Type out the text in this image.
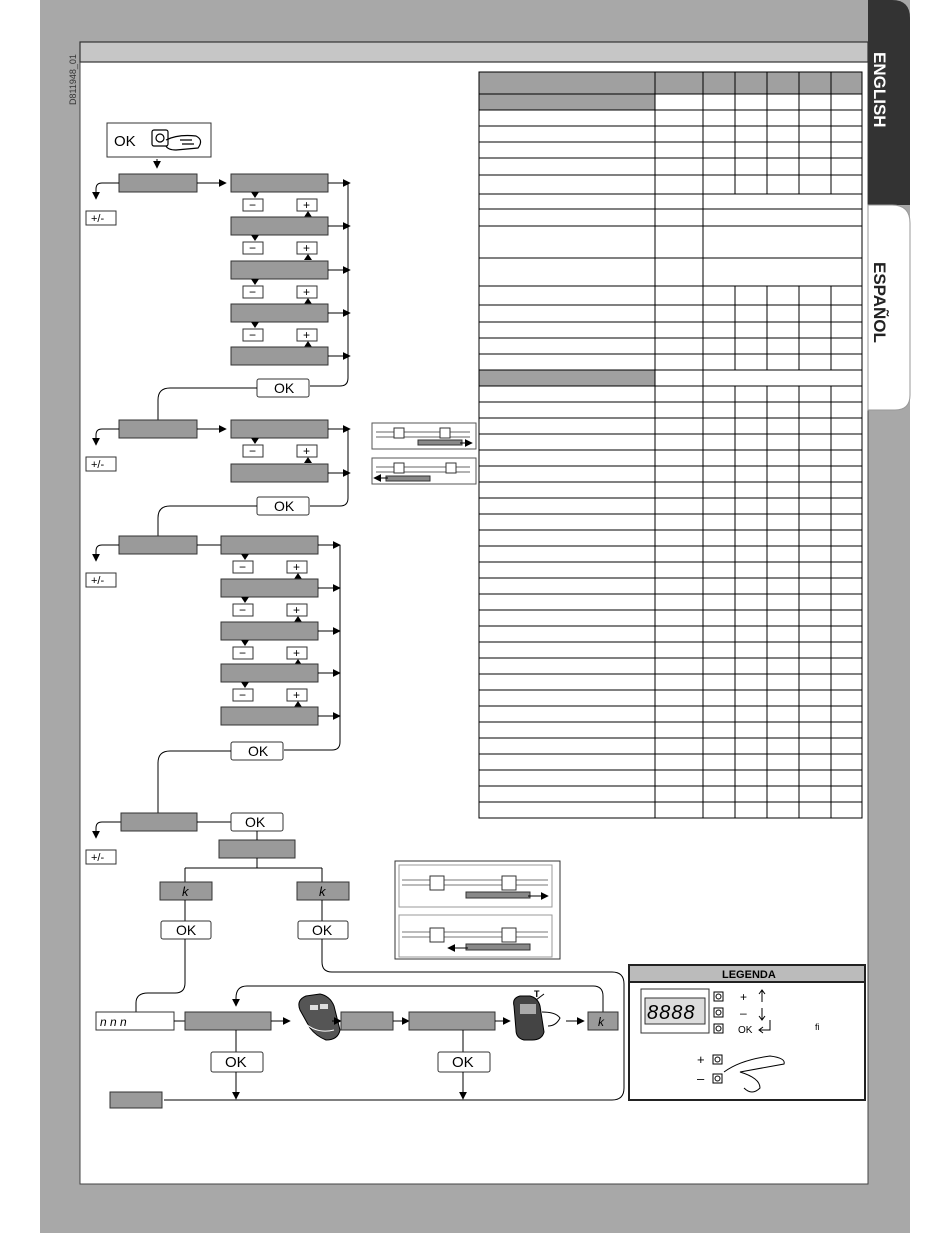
D811948_01	ENGLISH
ESPAÑOL
OK
+/-
−	+
−	+
−	+
−	+
OK
+/-
−	+
OK
+/-
−	+
−	+
−	+
−	+
OK
+/-
OK
k	k
OK	OK
n n n
T
k
OK	OK
LEGENDA
8888
+
–
OK	fi
+
–
